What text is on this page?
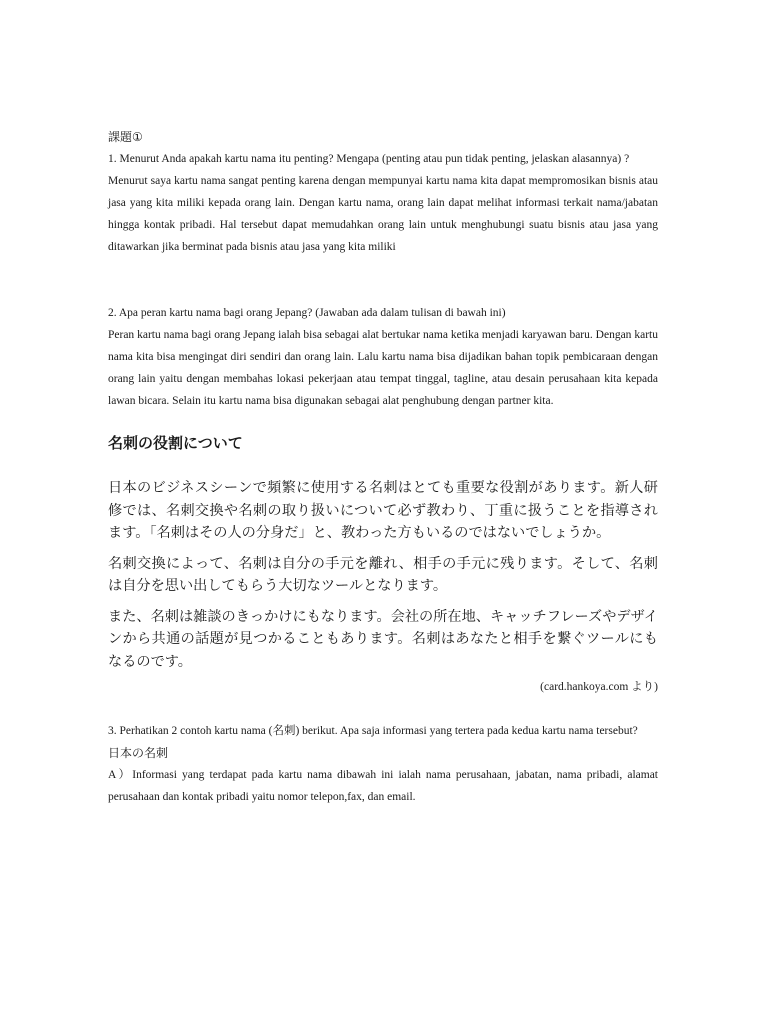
課題①

1. Menurut Anda apakah kartu nama itu penting? Mengapa (penting atau pun tidak penting, jelaskan alasannya) ?

Menurut saya kartu nama sangat penting karena dengan mempunyai kartu nama kita dapat mempromosikan bisnis atau jasa yang kita miliki kepada orang lain. Dengan kartu nama, orang lain dapat melihat informasi terkait nama/jabatan hingga kontak pribadi. Hal tersebut dapat memudahkan orang lain untuk menghubungi suatu bisnis atau jasa yang ditawarkan jika berminat pada bisnis atau jasa yang kita miliki

2. Apa peran kartu nama bagi orang Jepang? (Jawaban ada dalam tulisan di bawah ini)

Peran kartu nama bagi orang Jepang ialah bisa sebagai alat bertukar nama ketika menjadi karyawan baru. Dengan kartu nama kita bisa mengingat diri sendiri dan orang lain. Lalu kartu nama bisa dijadikan bahan topik pembicaraan dengan orang lain yaitu dengan membahas lokasi pekerjaan atau tempat tinggal, tagline, atau desain perusahaan kita kepada lawan bicara. Selain itu kartu nama bisa digunakan sebagai alat penghubung dengan partner kita.

名刺の役割について

日本のビジネスシーンで頻繁に使用する名刺はとても重要な役割があります。新人研修では、名刺交換や名刺の取り扱いについて必ず教わり、丁重に扱うことを指導されます。「名刺はその人の分身だ」と、教わった方もいるのではないでしょうか。

名刺交換によって、名刺は自分の手元を離れ、相手の手元に残ります。そして、名刺は自分を思い出してもらう大切なツールとなります。

また、名刺は雑談のきっかけにもなります。会社の所在地、キャッチフレーズやデザインから共通の話題が見つかることもあります。名刺はあなたと相手を繋ぐツールにもなるのです。

(card.hankoya.com より)

3. Perhatikan 2 contoh kartu nama (名刺) berikut. Apa saja informasi yang tertera pada kedua kartu nama tersebut?

日本の名刺

A）Informasi yang terdapat pada kartu nama dibawah ini ialah nama perusahaan, jabatan, nama pribadi, alamat perusahaan dan kontak pribadi yaitu nomor telepon,fax, dan email.
